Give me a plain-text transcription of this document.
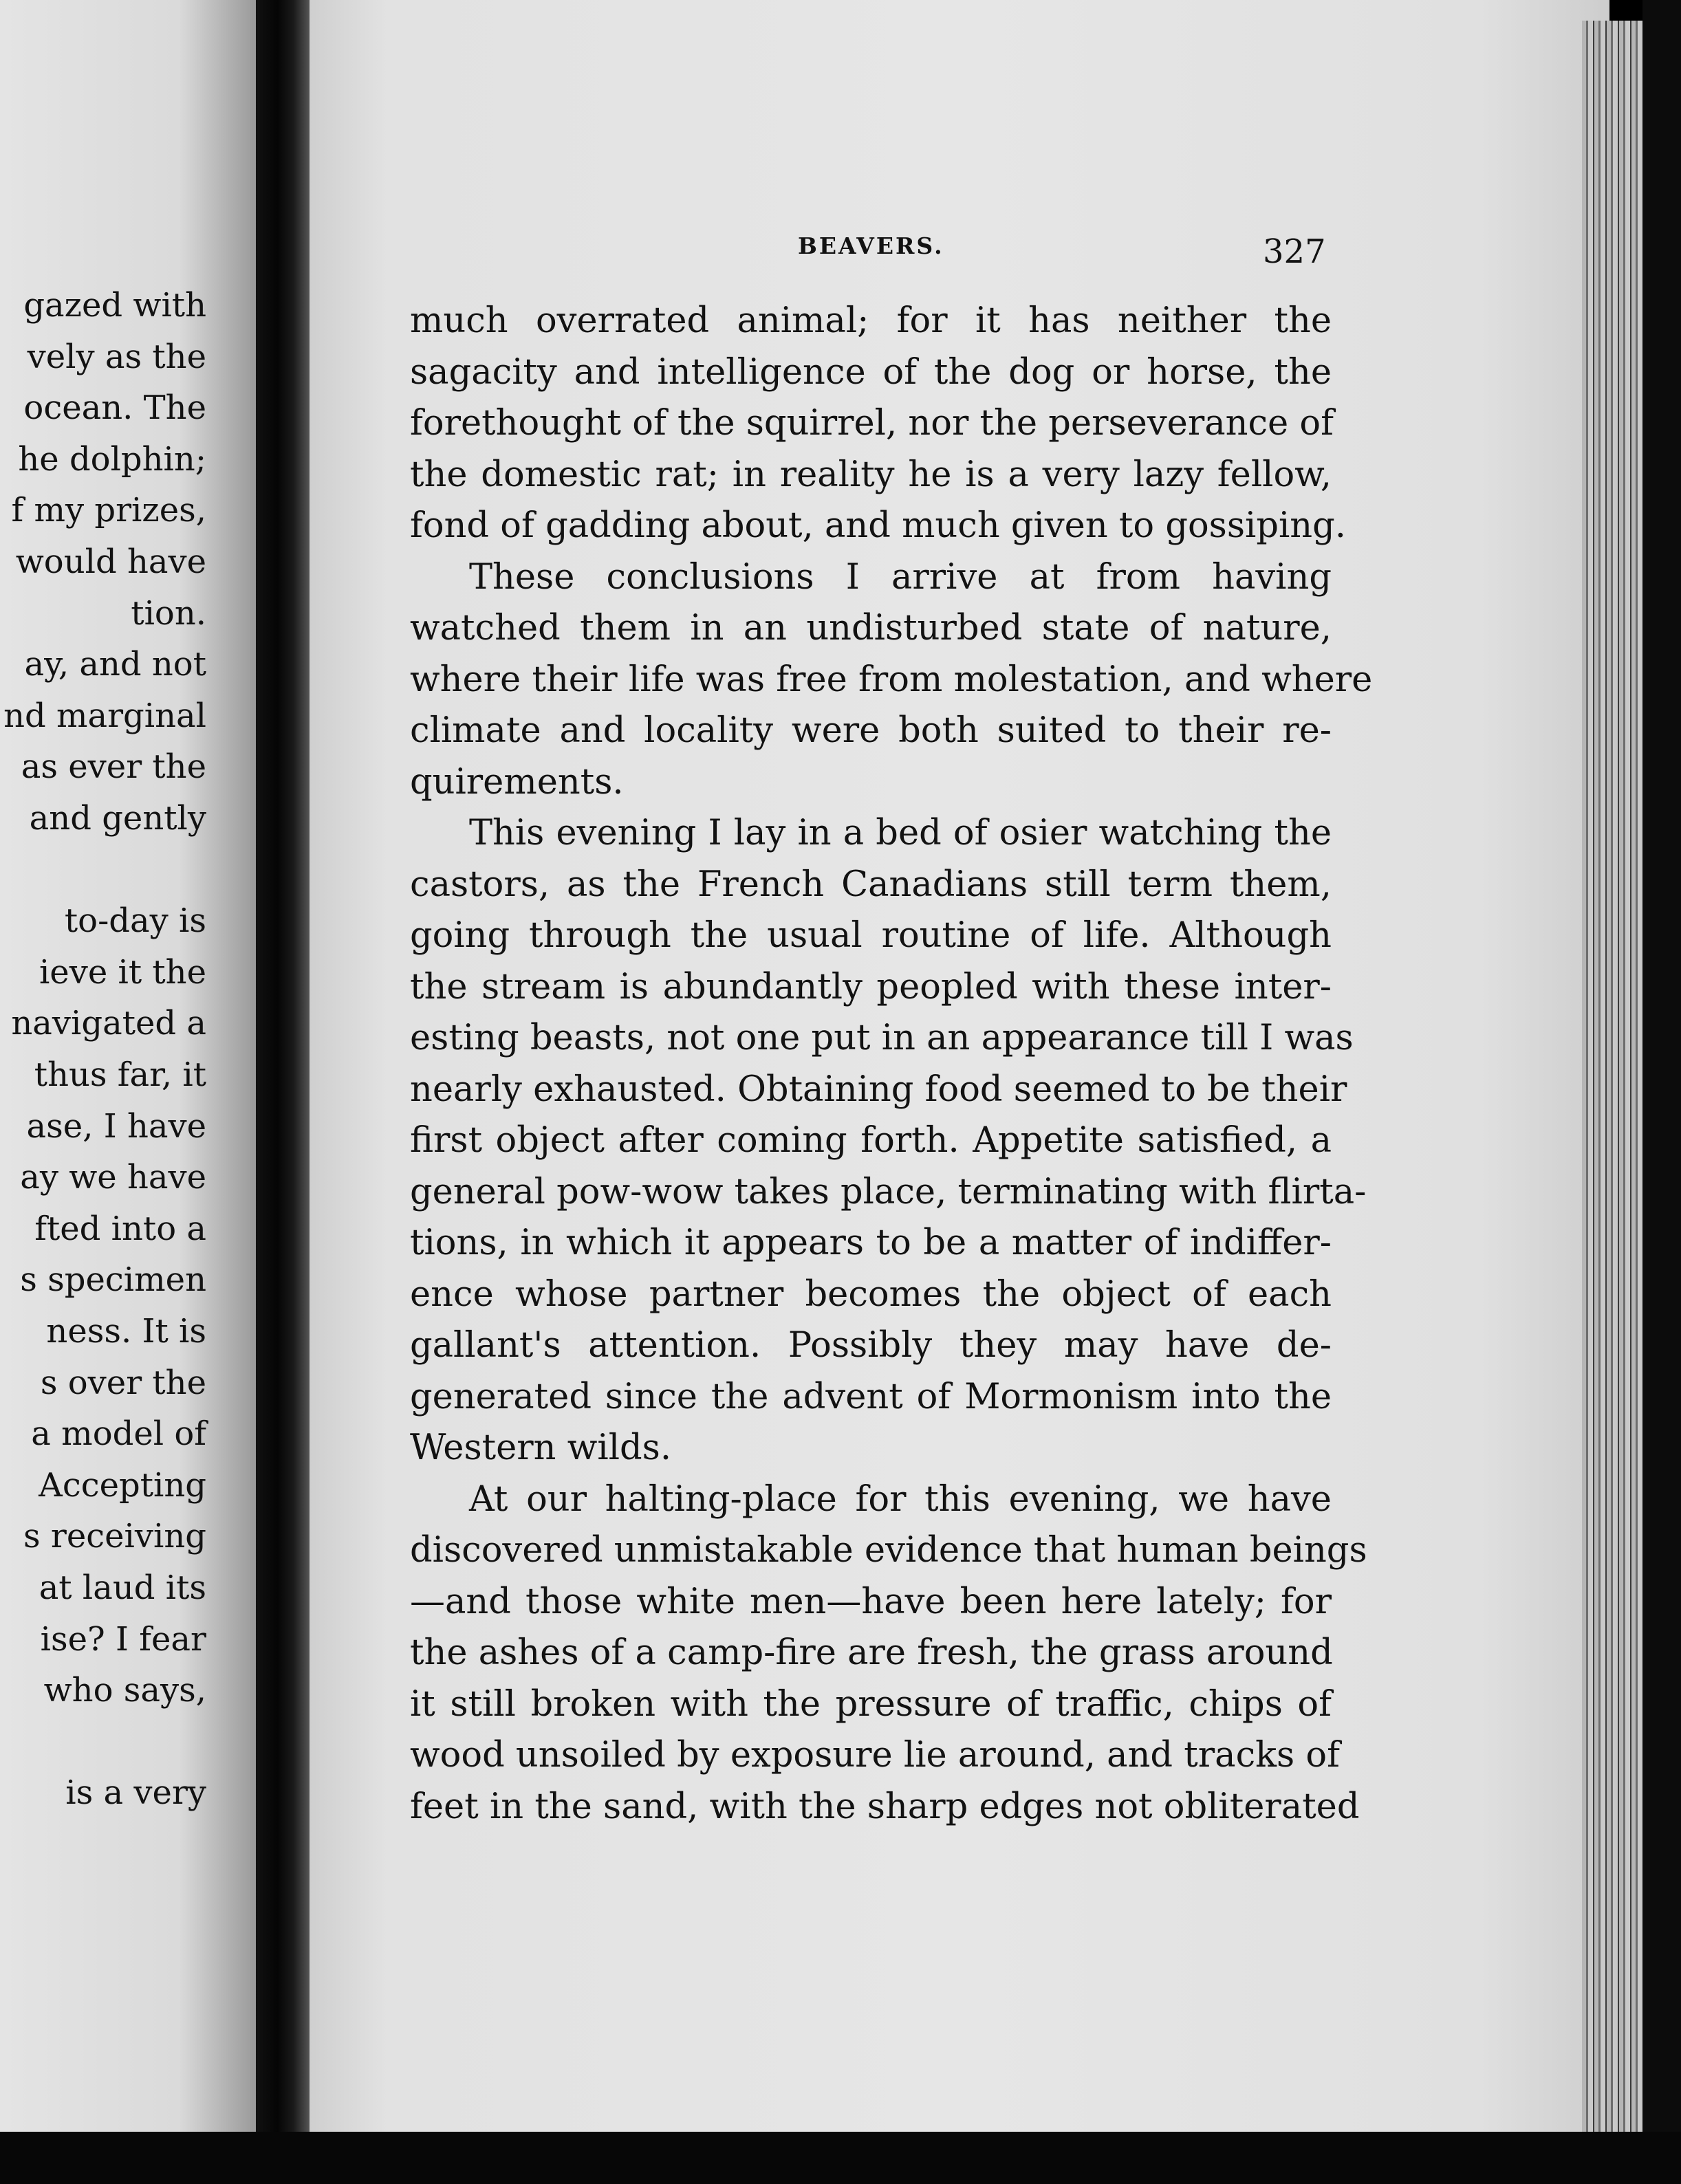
gazed with
vely as the
ocean. The
he dolphin;
f my prizes,
would have
tion.
ay, and not
nd marginal
as ever the
and gently
to-day is
ieve it the
navigated a
thus far, it
ase, I have
ay we have
fted into a
s specimen
ness. It is
s over the
a model of
Accepting
s receiving
at laud its
ise? I fear
who says,
is a very
BEAVERS.	327
much overrated animal; for it has neither the
sagacity and intelligence of the dog or horse, the
forethought of the squirrel, nor the perseverance of
the domestic rat; in reality he is a very lazy fellow,
fond of gadding about, and much given to gossiping.
These conclusions I arrive at from having
watched them in an undisturbed state of nature,
where their life was free from molestation, and where
climate and locality were both suited to their re-
quirements.
This evening I lay in a bed of osier watching the
castors, as the French Canadians still term them,
going through the usual routine of life. Although
the stream is abundantly peopled with these inter-
esting beasts, not one put in an appearance till I was
nearly exhausted. Obtaining food seemed to be their
first object after coming forth. Appetite satisfied, a
general pow-wow takes place, terminating with flirta-
tions, in which it appears to be a matter of indiffer-
ence whose partner becomes the object of each
gallant's attention. Possibly they may have de-
generated since the advent of Mormonism into the
Western wilds.
At our halting-place for this evening, we have
discovered unmistakable evidence that human beings
—and those white men—have been here lately; for
the ashes of a camp-fire are fresh, the grass around
it still broken with the pressure of traffic, chips of
wood unsoiled by exposure lie around, and tracks of
feet in the sand, with the sharp edges not obliterated
